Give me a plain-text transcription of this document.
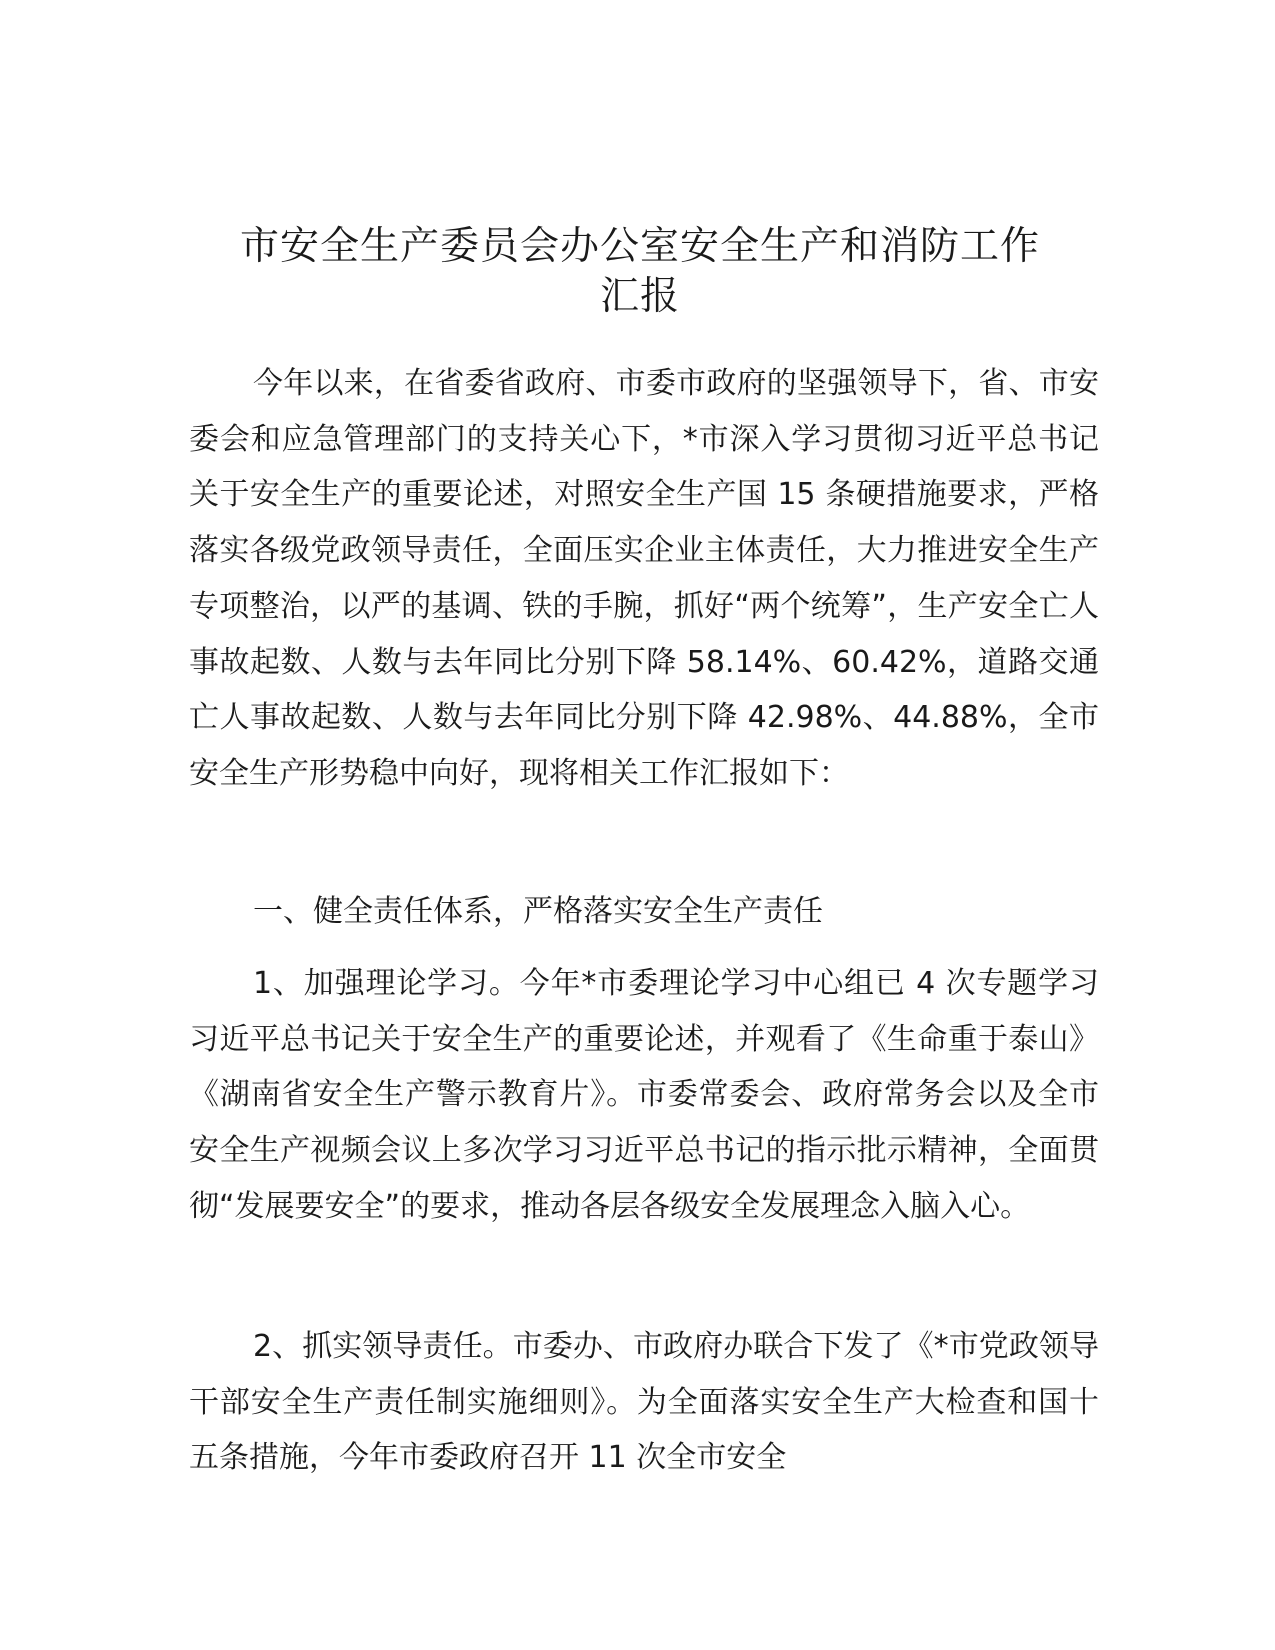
市安全生产委员会办公室安全生产和消防工作
汇报

今年以来，在省委省政府、市委市政府的坚强领导下，省、市安委会和应急管理部门的支持关心下，*市深入学习贯彻习近平总书记关于安全生产的重要论述，对照安全生产国 15 条硬措施要求，严格落实各级党政领导责任，全面压实企业主体责任，大力推进安全生产专项整治，以严的基调、铁的手腕，抓好“两个统筹”，生产安全亡人事故起数、人数与去年同比分别下降 58.14%、60.42%，道路交通亡人事故起数、人数与去年同比分别下降 42.98%、44.88%，全市安全生产形势稳中向好，现将相关工作汇报如下：

一、健全责任体系，严格落实安全生产责任

1、加强理论学习。今年*市委理论学习中心组已 4 次专题学习习近平总书记关于安全生产的重要论述，并观看了《生命重于泰山》《湖南省安全生产警示教育片》。市委常委会、政府常务会以及全市安全生产视频会议上多次学习习近平总书记的指示批示精神，全面贯彻“发展要安全”的要求，推动各层各级安全发展理念入脑入心。

2、抓实领导责任。市委办、市政府办联合下发了《*市党政领导干部安全生产责任制实施细则》。为全面落实安全生产大检查和国十五条措施，今年市委政府召开 11 次全市安全
